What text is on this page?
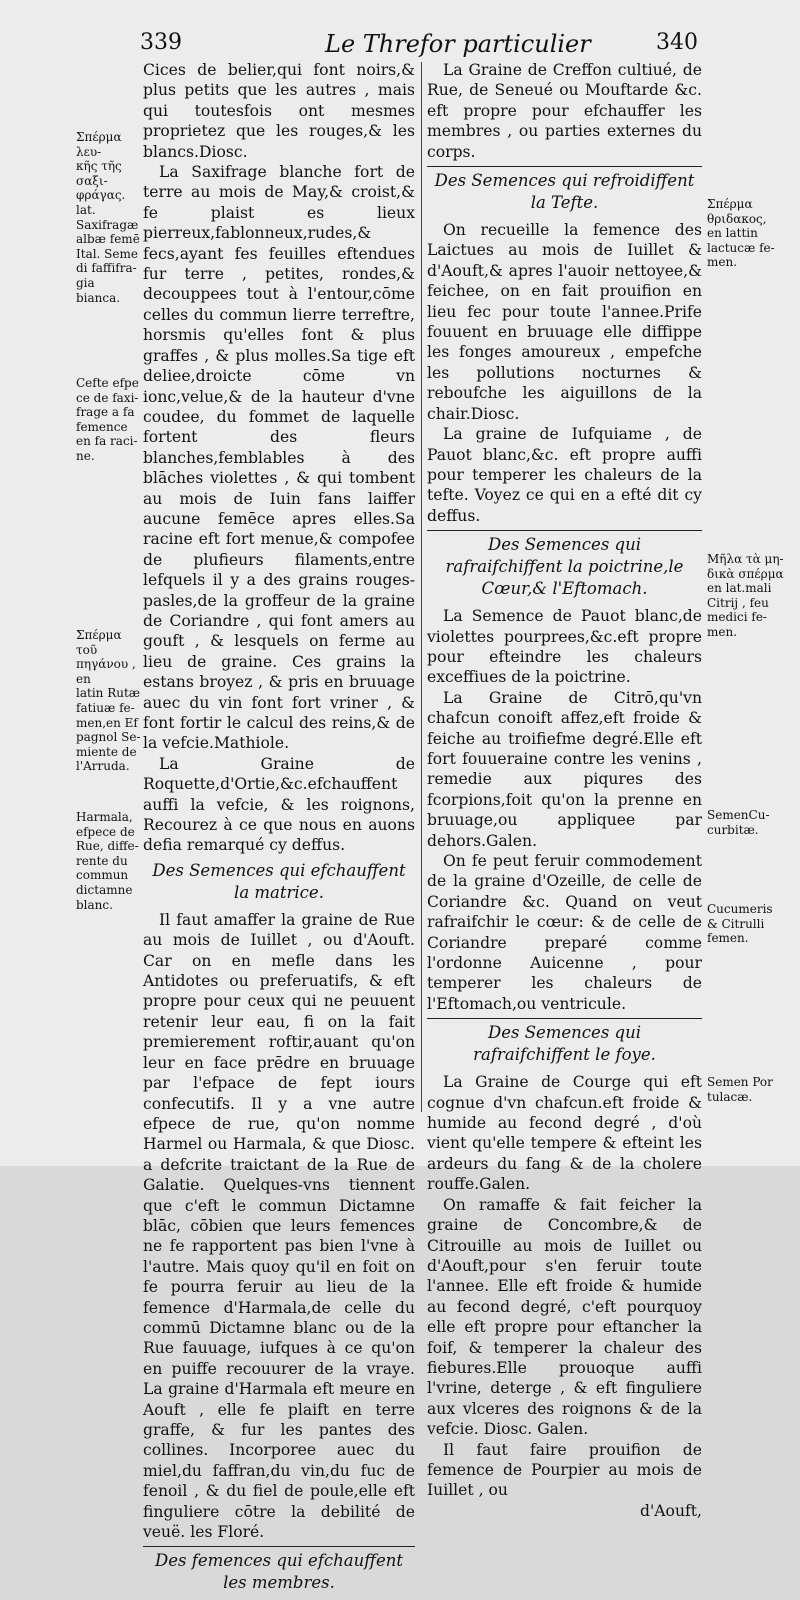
339	Le Threfor particulier	340

Cices de belier,qui font noirs,& plus petits que les autres , mais qui toutesfois ont mesmes proprietez que les rouges,& les blancs.Diosc.

La Saxifrage blanche fort de terre au mois de May,& croist,& fe plaist es lieux pierreux,fablonneux,rudes,& fecs,ayant fes feuilles eftendues fur terre , petites, rondes,& decouppees tout à l'entour,cōme celles du commun lierre terreftre, horsmis qu'elles font & plus graffes , & plus molles.Sa tige eft deliee,droicte cōme vn ionc,velue,& de la hauteur d'vne coudee, du fommet de laquelle fortent des fleurs blanches,femblables à des blāches violettes , & qui tombent au mois de Iuin fans laiffer aucune femēce apres elles.Sa racine eft fort menue,& compofee de plufieurs filaments,entre lefquels il y a des grains rouges-pasles,de la groffeur de la graine de Coriandre , qui font amers au gouft , & lesquels on ferme au lieu de graine. Ces grains la estans broyez , & pris en bruuage auec du vin font fort vriner , & font fortir le calcul des reins,& de la vefcie.Mathiole.

La Graine de Roquette,d'Ortie,&c.efchauffent auffi la vefcie, & les roignons, Recourez à ce que nous en auons defia remarqué cy deffus.

Des Semences qui efchauffent la matrice.

Il faut amaffer la graine de Rue au mois de Iuillet , ou d'Aouft. Car on en mefle dans les Antidotes ou preferuatifs, & eft propre pour ceux qui ne peuuent retenir leur eau, fi on la fait premierement roftir,auant qu'on leur en face prēdre en bruuage par l'efpace de fept iours confecutifs. Il y a vne autre efpece de rue, qu'on nomme Harmel ou Harmala, & que Diosc. a defcrite traictant de la Rue de Galatie. Quelques-vns tiennent que c'eft le commun Dictamne blāc, cōbien que leurs femences ne fe rapportent pas bien l'vne à l'autre. Mais quoy qu'il en foit on fe pourra feruir au lieu de la femence d'Harmala,de celle du commū Dictamne blanc ou de la Rue fauuage, iufques à ce qu'on en puiffe recouurer de la vraye. La graine d'Harmala eft meure en Aouft , elle fe plaift en terre graffe, & fur les pantes des collines. Incorporee auec du miel,du faffran,du vin,du fuc de fenoil , & du fiel de poule,elle eft finguliere cōtre la debilité de veuë. les Floré.

Des femences qui efchauffent les membres.

La Graine de Creffon cultiué, de Rue, de Seneué ou Mouftarde &c. eft propre pour efchauffer les membres , ou parties externes du corps.

Des Semences qui refroidiffent la Tefte.

On recueille la femence des Laictues au mois de Iuillet & d'Aouft,& apres l'auoir nettoyee,& feichee, on en fait prouifion en lieu fec pour toute l'annee.Prife fouuent en bruuage elle diffippe les fonges amoureux , empefche les pollutions nocturnes & reboufche les aiguillons de la chair.Diosc.

La graine de Iufquiame , de Pauot blanc,&c. eft propre auffi pour temperer les chaleurs de la tefte. Voyez ce qui en a efté dit cy deffus.

Des Semences qui rafraifchiffent la poictrine,le Cœur,& l'Eftomach.

La Semence de Pauot blanc,de violettes pourprees,&c.eft propre pour efteindre les chaleurs exceffiues de la poictrine.

La Graine de Citrō,qu'vn chafcun conoift affez,eft froide & feiche au troifiefme degré.Elle eft fort fouueraine contre les venins , remedie aux piqures des fcorpions,foit qu'on la prenne en bruuage,ou appliquee par dehors.Galen.

On fe peut feruir commodement de la graine d'Ozeille, de celle de Coriandre &c. Quand on veut rafraifchir le cœur: & de celle de Coriandre preparé comme l'ordonne Auicenne , pour temperer les chaleurs de l'Eftomach,ou ventricule.

Des Semences qui rafraifchiffent le foye.

La Graine de Courge qui eft cognue d'vn chafcun.eft froide & humide au fecond degré , d'où vient qu'elle tempere & efteint les ardeurs du fang & de la cholere rouffe.Galen.

On ramaffe & fait feicher la graine de Concombre,& de Citrouille au mois de Iuillet ou d'Aouft,pour s'en feruir toute l'annee. Elle eft froide & humide au fecond degré, c'eft pourquoy elle eft propre pour eftancher la foif, & temperer la chaleur des fiebures.Elle prouoque auffi l'vrine, deterge , & eft finguliere aux vlceres des roignons & de la vefcie. Diosc. Galen.

Il faut faire prouifion de femence de Pourpier au mois de Iuillet , ou

d'Aouft,

Σπέρμα λευ-
κῆς τῆς σαξι-
φράγας. lat.
Saxifragæ
albæ femē
Ital. Seme
di faffifra-
gia bianca.
Cefte efpe
ce de faxi-
frage a fa
femence
en fa raci-
ne.
Σπέρμα τοῦ
πηγάνου , en
latin Rutæ
fatiuæ fe-
men,en Ef
pagnol Se-
miente de
l'Arruda.
Harmala,
efpece de
Rue, diffe-
rente du
commun
dictamne
blanc.
Σπέρμα
θριδακος,
en lattin
lactucæ fe-
men.
Μῆλα τὰ μη-
δικὰ σπέρμα
en lat.mali
Citrij , feu
medici fe-
men.
SemenCu-
curbitæ.
Cucumeris
& Citrulli
femen.
Semen Por
tulacæ.
